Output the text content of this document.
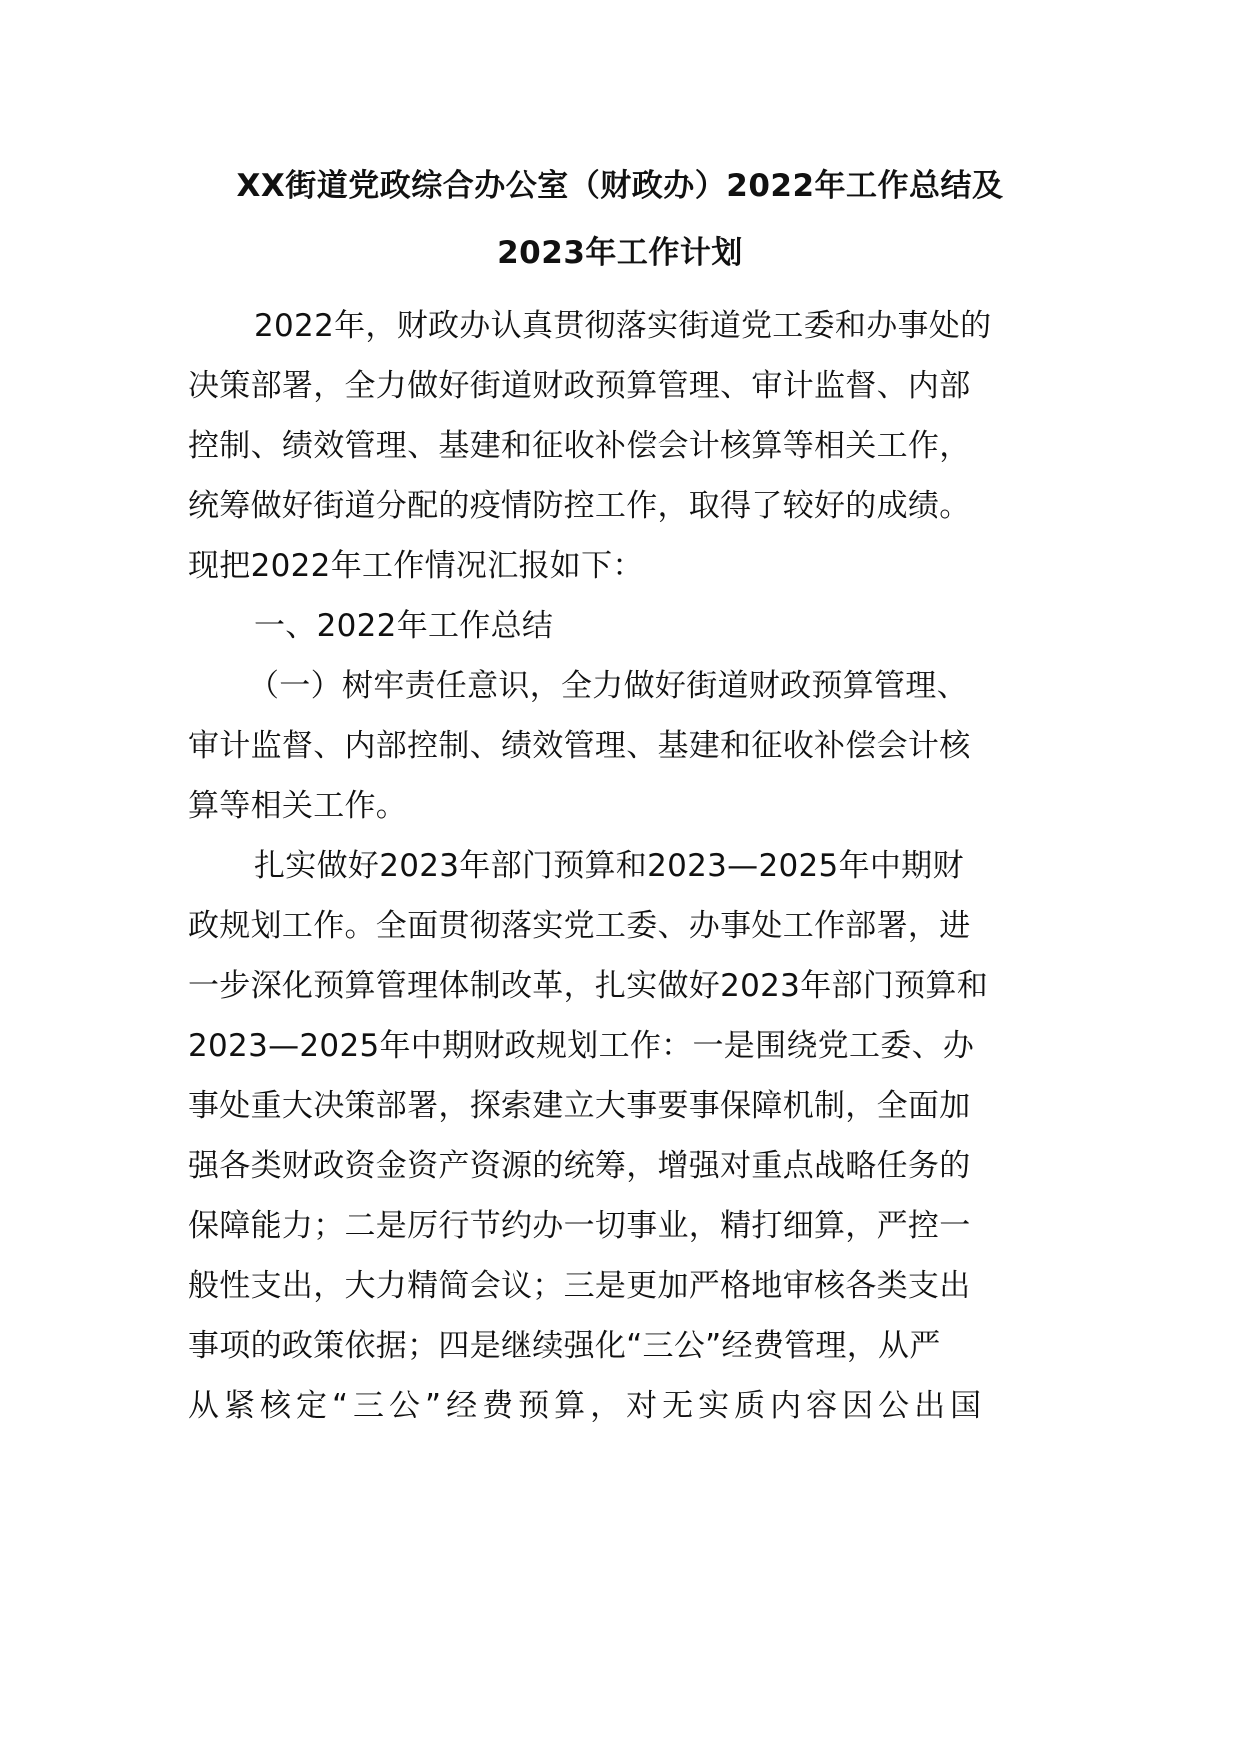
XX街道党政综合办公室（财政办）2022年工作总结及
2023年工作计划
2022年，财政办认真贯彻落实街道党工委和办事处的
决策部署，全力做好街道财政预算管理、审计监督、内部
控制、绩效管理、基建和征收补偿会计核算等相关工作，
统筹做好街道分配的疫情防控工作，取得了较好的成绩。
现把2022年工作情况汇报如下：
一、2022年工作总结
（一）树牢责任意识，全力做好街道财政预算管理、
审计监督、内部控制、绩效管理、基建和征收补偿会计核
算等相关工作。
扎实做好2023年部门预算和2023—2025年中期财
政规划工作。全面贯彻落实党工委、办事处工作部署，进
一步深化预算管理体制改革，扎实做好2023年部门预算和
2023—2025年中期财政规划工作：一是围绕党工委、办
事处重大决策部署，探索建立大事要事保障机制，全面加
强各类财政资金资产资源的统筹，增强对重点战略任务的
保障能力；二是厉行节约办一切事业，精打细算，严控一
般性支出，大力精简会议；三是更加严格地审核各类支出
事项的政策依据；四是继续强化“三公”经费管理，从严
从紧核定“三公”经费预算，对无实质内容因公出国
